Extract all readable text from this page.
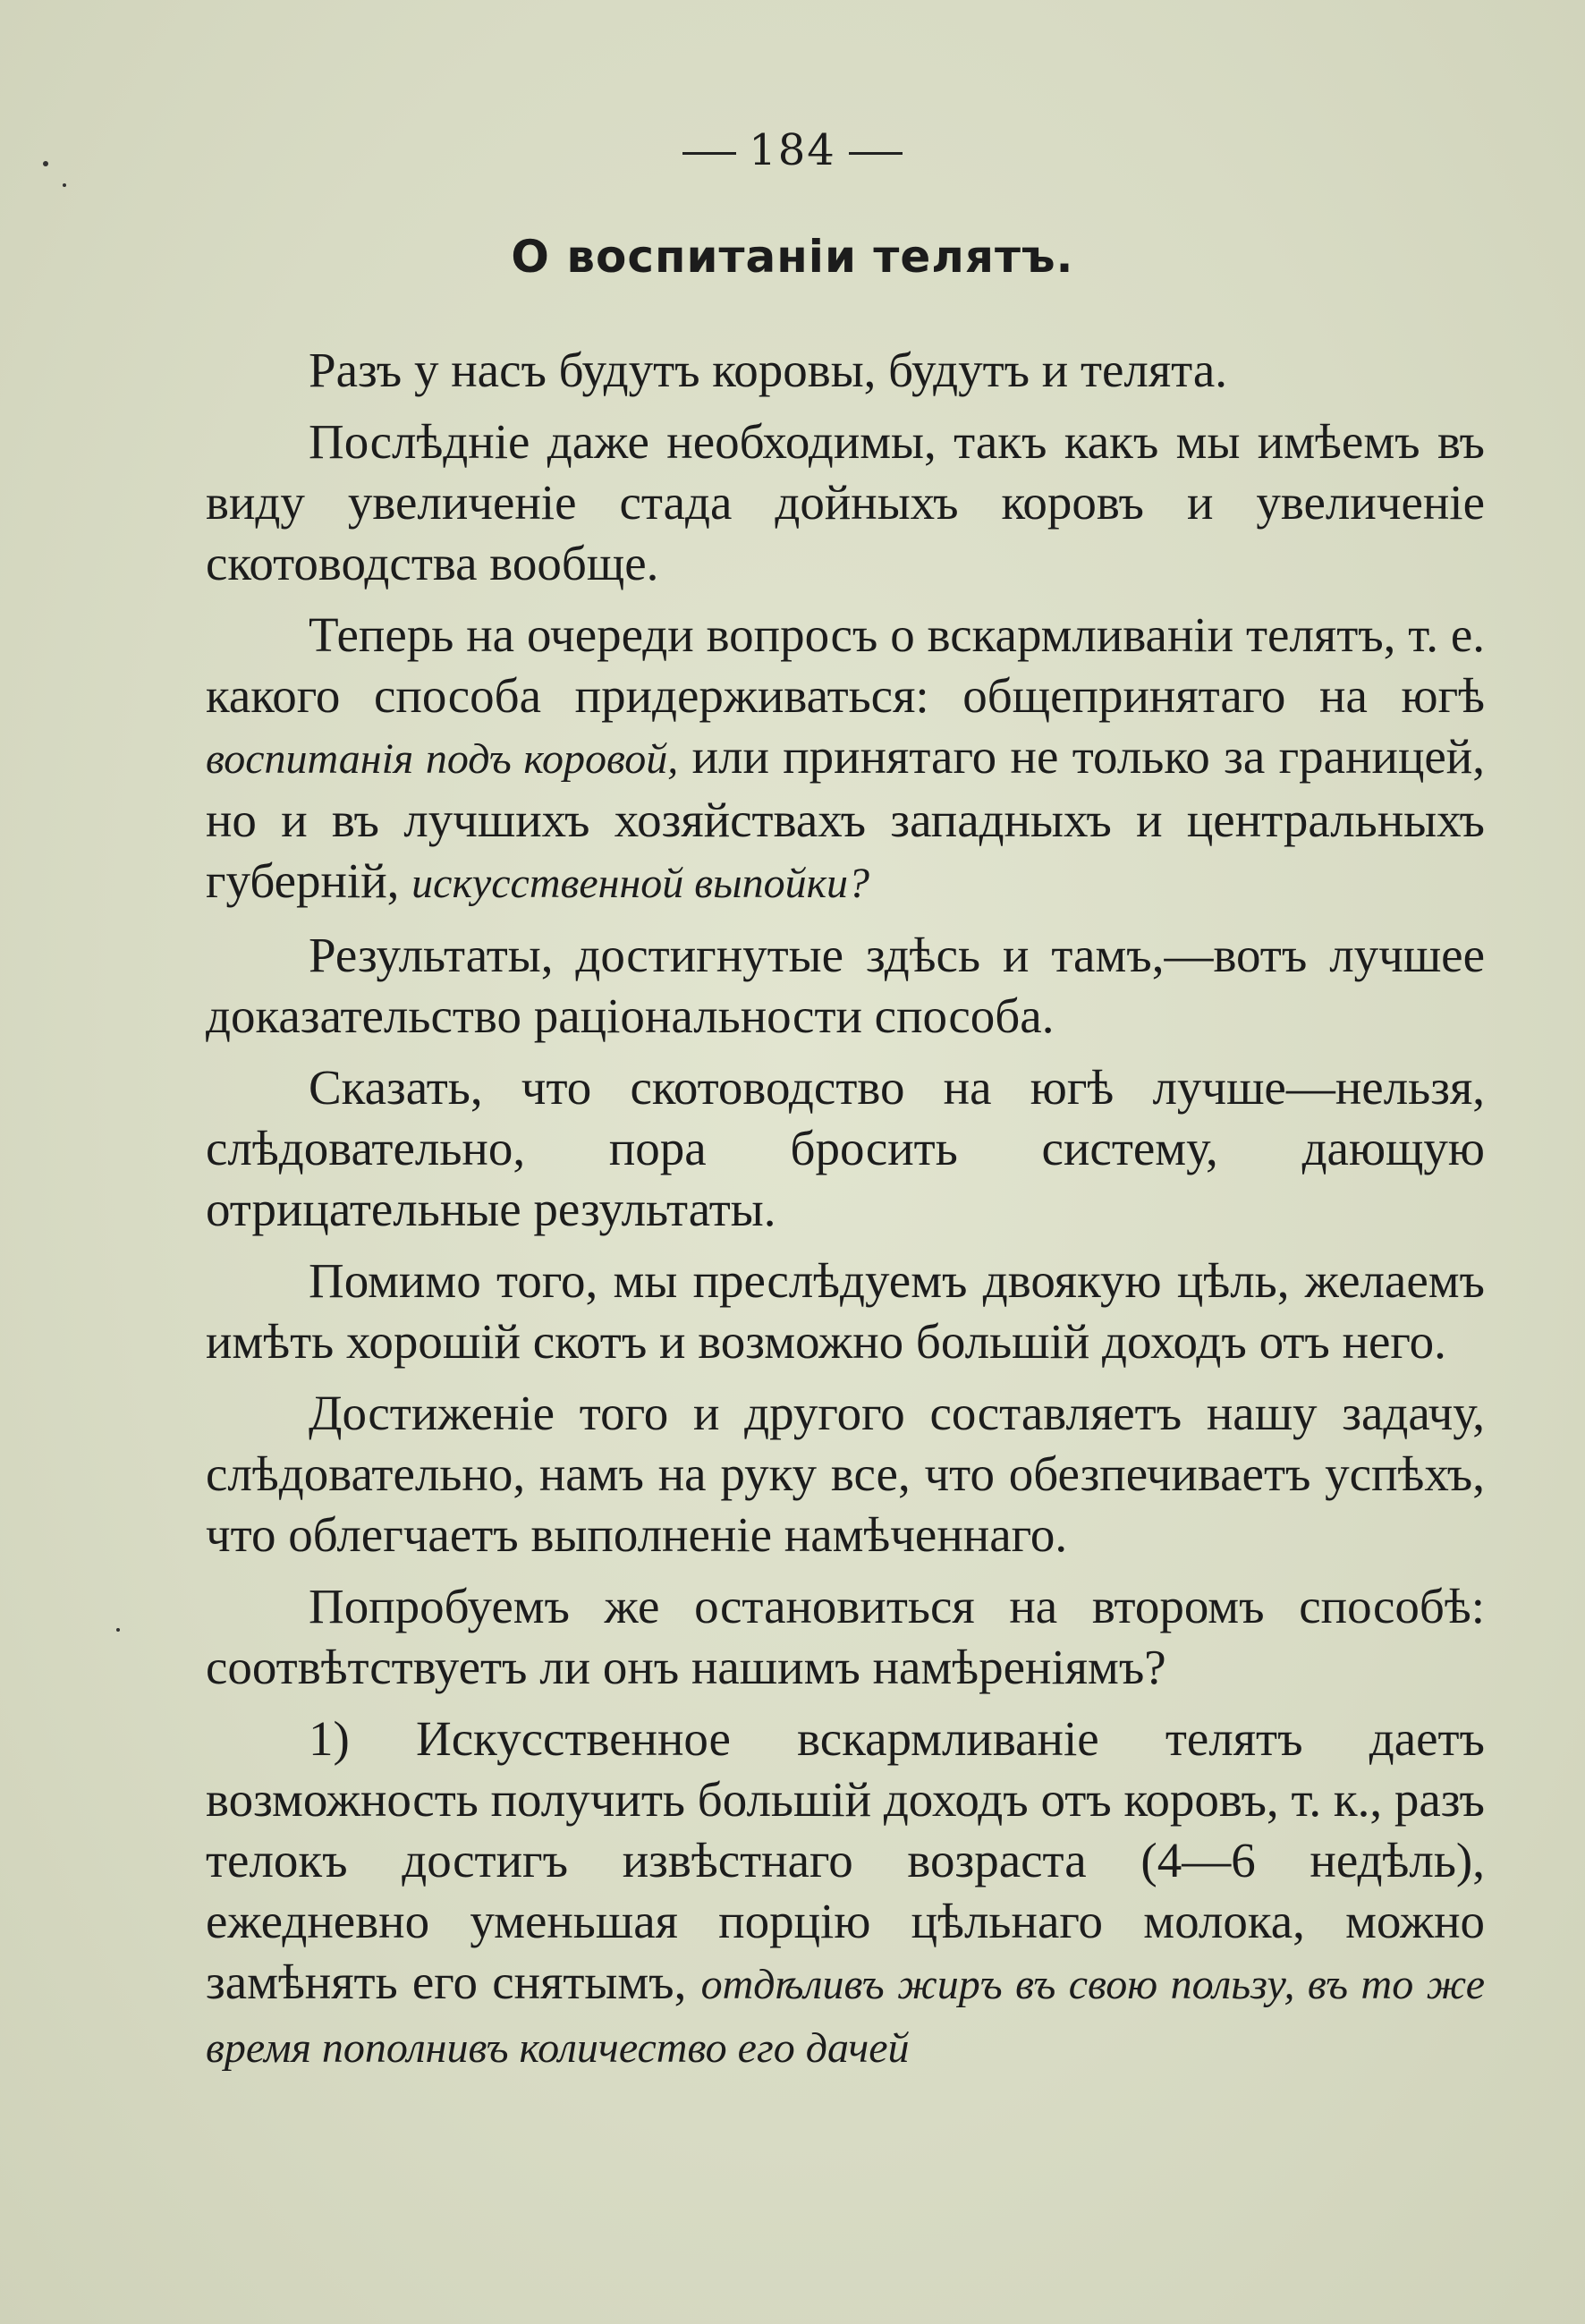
184
О воспитанiи телятъ.

Разъ у насъ будутъ коровы, будутъ и телята.

Послѣднiе даже необходимы, такъ какъ мы имѣемъ въ виду увеличенiе стада дойныхъ коровъ и увеличенiе скотоводства вообще.

Теперь на очереди вопросъ о вскармливанiи телятъ, т. е. какого способа придерживаться: общепринятаго на югѣ воспитанiя подъ коровой, или принятаго не только за границей, но и въ лучшихъ хозяйствахъ западныхъ и центральныхъ губернiй, искусственной выпойки?

Результаты, достигнутые здѣсь и тамъ,—вотъ лучшее доказательство рацiональности способа.

Сказать, что скотоводство на югѣ лучше—нельзя, слѣдовательно, пора бросить систему, дающую отрицательные результаты.

Помимо того, мы преслѣдуемъ двоякую цѣль, желаемъ имѣть хорошiй скотъ и возможно большiй доходъ отъ него.

Достиженiе того и другого составляетъ нашу задачу, слѣдовательно, намъ на руку все, что обезпечиваетъ успѣхъ, что облегчаетъ выполненiе намѣченнаго.

Попробуемъ же остановиться на второмъ способѣ: соотвѣтствуетъ ли онъ нашимъ намѣренiямъ?

1) Искусственное вскармливанiе телятъ даетъ возможность получить большiй доходъ отъ коровъ, т. к., разъ телокъ достигъ извѣстнаго возраста (4—6 недѣль), ежедневно уменьшая порцiю цѣльнаго молока, можно замѣнять его снятымъ, отдѣливъ жиръ въ свою пользу, въ то же время пополнивъ количество его дачей
